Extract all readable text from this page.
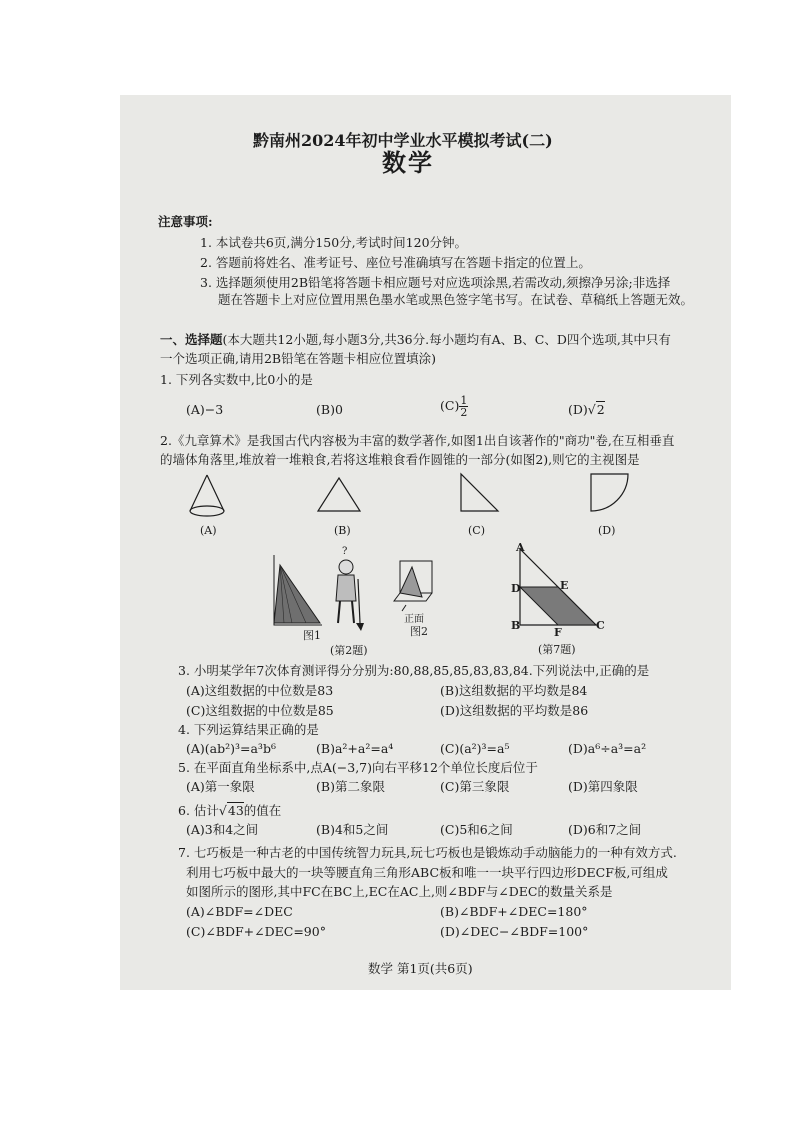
黔南州2024年初中学业水平模拟考试(二)
数学
注意事项:
1. 本试卷共6页,满分150分,考试时间120分钟。
2. 答题前将姓名、准考证号、座位号准确填写在答题卡指定的位置上。
3. 选择题须使用2B铅笔将答题卡相应题号对应选项涂黑,若需改动,须擦净另涂;非选择
题在答题卡上对应位置用黑色墨水笔或黑色签字笔书写。在试卷、草稿纸上答题无效。
一、选择题(本大题共12小题,每小题3分,共36分.每小题均有A、B、C、D四个选项,其中只有
一个选项正确,请用2B铅笔在答题卡相应位置填涂)
1. 下列各实数中,比0小的是
(A)−3	(B)0	$(C) \frac{1}{2}$	(D)√2
2.《九章算术》是我国古代内容极为丰富的数学著作,如图1出自该著作的"商功"卷,在互相垂直
的墙体角落里,堆放着一堆粮食,若将这堆粮食看作圆锥的一部分(如图2),则它的主视图是
(A)	(B)	(C)	(D)
?
图1
正面
图2
(第2题)
A
D	E
B
F
C
(第7题)
3. 小明某学年7次体育测评得分分别为:80,88,85,85,83,83,84.下列说法中,正确的是
(A)这组数据的中位数是83	(B)这组数据的平均数是84
(C)这组数据的中位数是85	(D)这组数据的平均数是86
4. 下列运算结果正确的是
(A)(ab²)³=a³b⁶	(B)a²+a²=a⁴	(C)(a²)³=a⁵	(D)a⁶÷a³=a²
5. 在平面直角坐标系中,点A(−3,7)向右平移12个单位长度后位于
(A)第一象限	(B)第二象限	(C)第三象限	(D)第四象限
6. 估计√43的值在
(A)3和4之间	(B)4和5之间	(C)5和6之间	(D)6和7之间
7. 七巧板是一种古老的中国传统智力玩具,玩七巧板也是锻炼动手动脑能力的一种有效方式.
利用七巧板中最大的一块等腰直角三角形ABC板和唯一一块平行四边形DECF板,可组成
如图所示的图形,其中FC在BC上,EC在AC上,则∠BDF与∠DEC的数量关系是
(A)∠BDF=∠DEC	(B)∠BDF+∠DEC=180°
(C)∠BDF+∠DEC=90°	(D)∠DEC−∠BDF=100°
数学 第1页(共6页)
